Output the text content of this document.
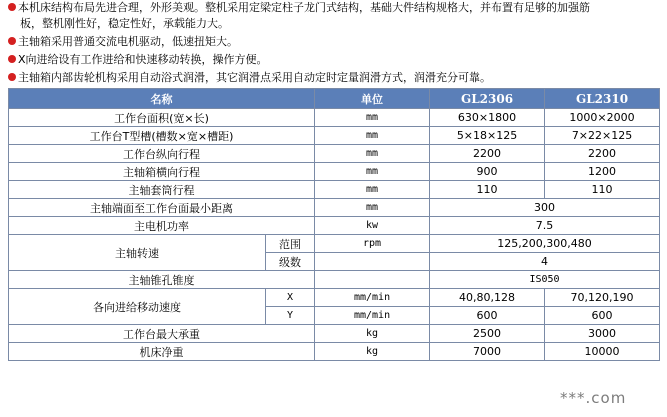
本机床结构布局先进合理，外形美观。整机采用定梁定柱子龙门式结构，基础大件结构规格大，并布置有足够的加强筋
板，整机刚性好，稳定性好，承载能力大。
主轴箱采用普通交流电机驱动，低速扭矩大。
X向进给设有工作进给和快速移动转换，操作方便。
主轴箱内部齿轮机构采用自动浴式润滑，其它润滑点采用自动定时定量润滑方式，润滑充分可靠。
名称		单位	GL2306	GL2310	
工作台面积(宽×长)		mm	630×1800	1000×2000	
工作台T型槽(槽数×宽×槽距)		mm	5×18×125	7×22×125	
工作台纵向行程		mm	2200	2200	
主轴箱横向行程		mm	900	1200	
主轴套筒行程		mm	110	110	
主轴端面至工作台面最小距离		mm	300	
主电机功率		kw	7.5	
主轴转速	范围	rpm	125,200,300,480	
	级数		4	
主轴锥孔锥度			IS050		
各向进给移动速度	X	mm/min	40,80,128	70,120,190	
	Y	mm/min	600	600	
工作台最大承重		kg	2500	3000	
机床净重		kg	7000	10000	
***.com
